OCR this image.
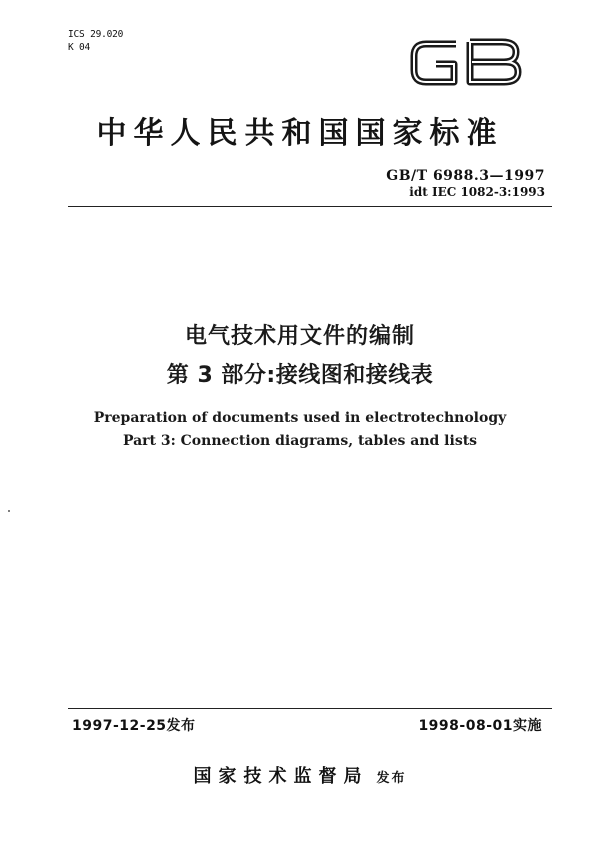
ICS 29.020
K 04
中华人民共和国国家标准
GB/T 6988.3—1997
idt IEC 1082-3:1993
电气技术用文件的编制
第 3 部分:接线图和接线表
Preparation of documents used in electrotechnology
Part 3: Connection diagrams, tables and lists
1997-12-25发布	1998-08-01实施
国家技术监督局 发布
